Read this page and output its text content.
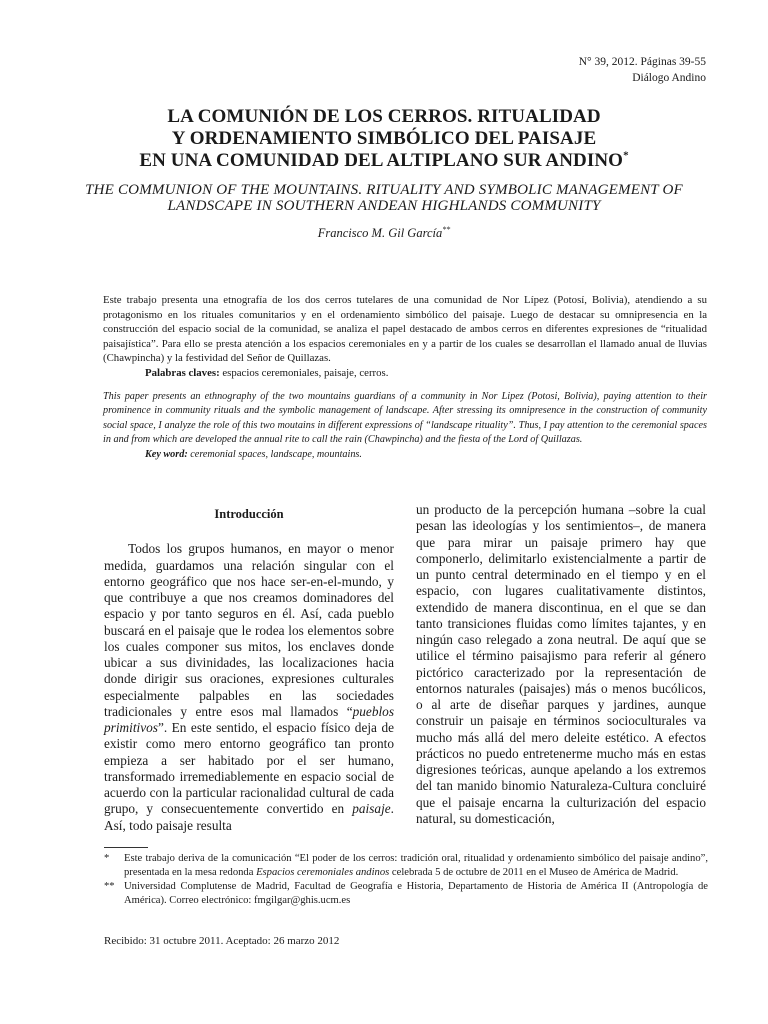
N° 39, 2012. Páginas 39-55
Diálogo Andino
LA COMUNIÓN DE LOS CERROS. RITUALIDAD
Y ORDENAMIENTO SIMBÓLICO DEL PAISAJE
EN UNA COMUNIDAD DEL ALTIPLANO SUR ANDINO*
THE COMMUNION OF THE MOUNTAINS. RITUALITY AND SYMBOLIC MANAGEMENT OF LANDSCAPE IN SOUTHERN ANDEAN HIGHLANDS COMMUNITY
Francisco M. Gil García**

Este trabajo presenta una etnografía de los dos cerros tutelares de una comunidad de Nor Lípez (Potosí, Bolivia), atendiendo a su protagonismo en los rituales comunitarios y en el ordenamiento simbólico del paisaje. Luego de destacar su omnipresencia en la construcción del espacio social de la comunidad, se analiza el papel destacado de ambos cerros en diferentes expresiones de “ritualidad paisajística”. Para ello se presta atención a los espacios ceremoniales en y a partir de los cuales se desarrollan el llamado anual de lluvias (Chawpincha) y la festividad del Señor de Quillazas.

Palabras claves: espacios ceremoniales, paisaje, cerros.

This paper presents an ethnography of the two mountains guardians of a community in Nor Lipez (Potosi, Bolivia), paying attention to their prominence in community rituals and the symbolic management of landscape. After stressing its omnipresence in the construction of community social space, I analyze the role of this two moutains in different expressions of “landscape rituality”. Thus, I pay attention to the ceremonial spaces in and from which are developed the annual rite to call the rain (Chawpincha) and the fiesta of the Lord of Quillazas.

Key word: ceremonial spaces, landscape, mountains.

Introducción

Todos los grupos humanos, en mayor o menor medida, guardamos una relación singular con el entorno geográfico que nos hace ser-en-el-mundo, y que contribuye a que nos creamos dominadores del espacio y por tanto seguros en él. Así, cada pueblo buscará en el paisaje que le rodea los elementos sobre los cuales componer sus mitos, los enclaves donde ubicar a sus divinidades, las localizaciones hacia donde dirigir sus oraciones, expresiones culturales especialmente palpables en las sociedades tradicionales y entre esos mal llamados “pueblos primitivos”. En este sentido, el espacio físico deja de existir como mero entorno geográfico tan pronto empieza a ser habitado por el ser humano, transformado irremediablemente en espacio social de acuerdo con la particular racionalidad cultural de cada grupo, y consecuentemente convertido en paisaje. Así, todo paisaje resulta

un producto de la percepción humana –sobre la cual pesan las ideologías y los sentimientos–, de manera que para mirar un paisaje primero hay que componerlo, delimitarlo existencialmente a partir de un punto central determinado en el tiempo y en el espacio, con lugares cualitativamente distintos, extendido de manera discontinua, en el que se dan tanto transiciones fluidas como límites tajantes, y en ningún caso relegado a zona neutral. De aquí que se utilice el término paisajismo para referir al género pictórico caracterizado por la representación de entornos naturales (paisajes) más o menos bucólicos, o al arte de diseñar parques y jardines, aunque construir un paisaje en términos socioculturales va mucho más allá del mero deleite estético. A efectos prácticos no puedo entretenerme mucho más en estas digresiones teóricas, aunque apelando a los extremos del tan manido binomio Naturaleza-Cultura concluiré que el paisaje encarna la culturización del espacio natural, su domesticación,

*	Este trabajo deriva de la comunicación “El poder de los cerros: tradición oral, ritualidad y ordenamiento simbólico del paisaje andino”, presentada en la mesa redonda Espacios ceremoniales andinos celebrada 5 de octubre de 2011 en el Museo de América de Madrid.
** Universidad Complutense de Madrid, Facultad de Geografía e Historia, Departamento de Historia de América II (Antropología de América). Correo electrónico: fmgilgar@ghis.ucm.es
Recibido: 31 octubre 2011. Aceptado: 26 marzo 2012
